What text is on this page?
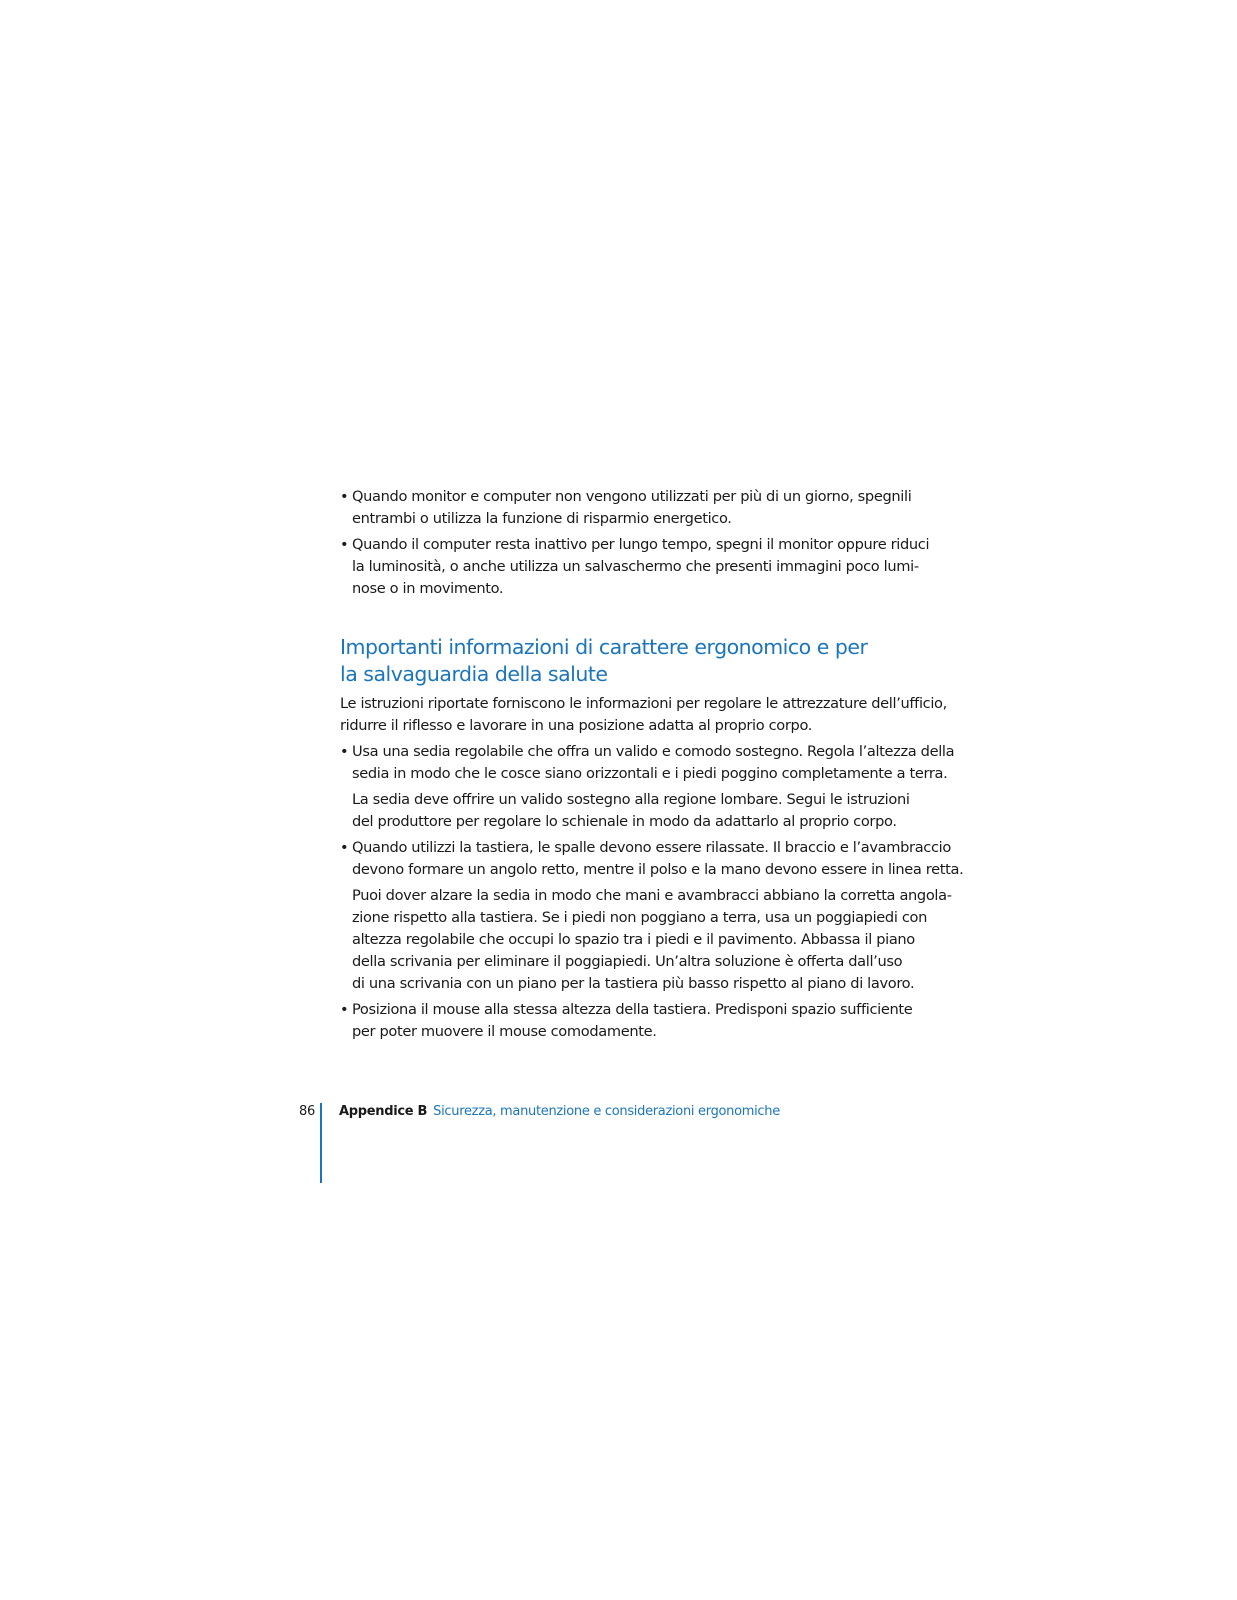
• Quando monitor e computer non vengono utilizzati per più di un giorno, spegnili
entrambi o utilizza la funzione di risparmio energetico.

• Quando il computer resta inattivo per lungo tempo, spegni il monitor oppure riduci
la luminosità, o anche utilizza un salvaschermo che presenti immagini poco lumi-
nose o in movimento.

Importanti informazioni di carattere ergonomico e per
la salvaguardia della salute

Le istruzioni riportate forniscono le informazioni per regolare le attrezzature dell’ufficio,
ridurre il riflesso e lavorare in una posizione adatta al proprio corpo.

• Usa una sedia regolabile che offra un valido e comodo sostegno. Regola l’altezza della
sedia in modo che le cosce siano orizzontali e i piedi poggino completamente a terra.

La sedia deve offrire un valido sostegno alla regione lombare. Segui le istruzioni
del produttore per regolare lo schienale in modo da adattarlo al proprio corpo.

• Quando utilizzi la tastiera, le spalle devono essere rilassate. Il braccio e l’avambraccio
devono formare un angolo retto, mentre il polso e la mano devono essere in linea retta.

Puoi dover alzare la sedia in modo che mani e avambracci abbiano la corretta angola-
zione rispetto alla tastiera. Se i piedi non poggiano a terra, usa un poggiapiedi con
altezza regolabile che occupi lo spazio tra i piedi e il pavimento. Abbassa il piano
della scrivania per eliminare il poggiapiedi. Un’altra soluzione è offerta dall’uso
di una scrivania con un piano per la tastiera più basso rispetto al piano di lavoro.

• Posiziona il mouse alla stessa altezza della tastiera. Predisponi spazio sufficiente
per poter muovere il mouse comodamente.

86 Appendice B Sicurezza, manutenzione e considerazioni ergonomiche
